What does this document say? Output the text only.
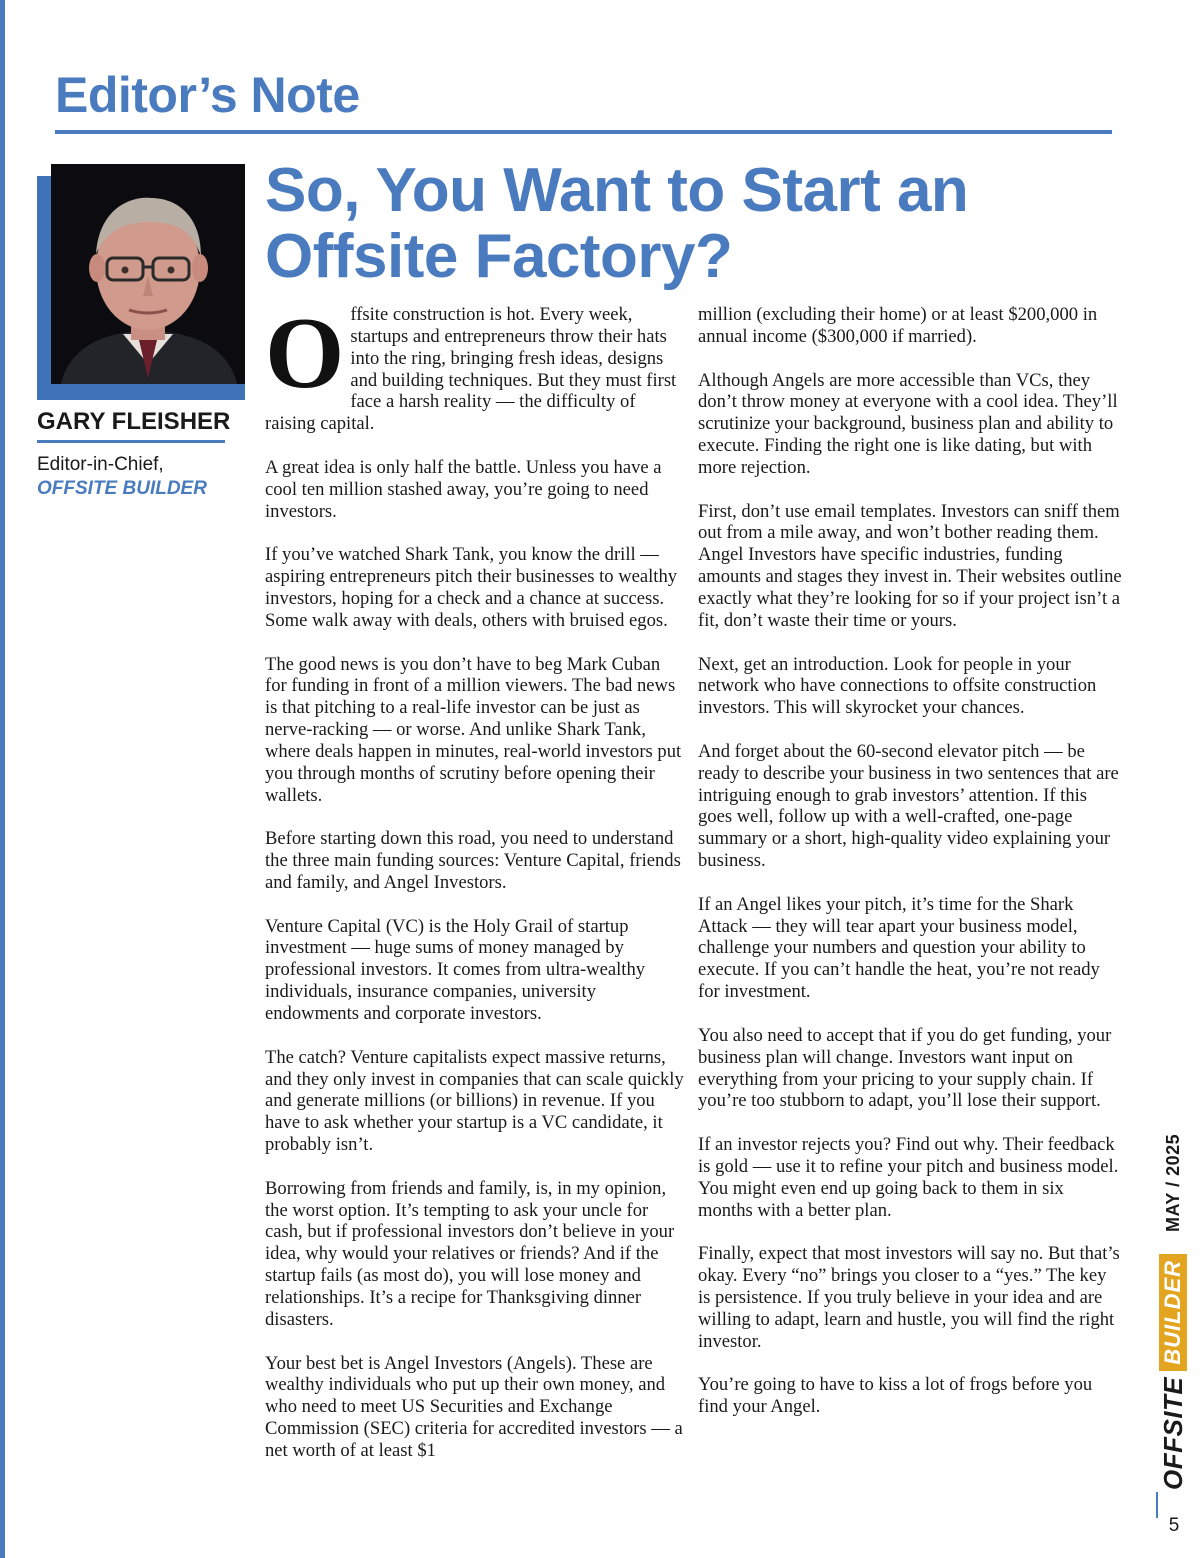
Editor’s Note

GARY FLEISHER

Editor-in-Chief,

OFFSITE BUILDER

So, You Want to Start an Offsite Factory?

Offsite construction is hot. Every week, startups and entrepreneurs throw their hats into the ring, bringing fresh ideas, designs and building techniques. But they must first face a harsh reality — the difficulty of raising capital.

A great idea is only half the battle. Unless you have a cool ten million stashed away, you’re going to need investors.

If you’ve watched Shark Tank, you know the drill — aspiring entrepreneurs pitch their businesses to wealthy investors, hoping for a check and a chance at success. Some walk away with deals, others with bruised egos.

The good news is you don’t have to beg Mark Cuban for funding in front of a million viewers. The bad news is that pitching to a real-life investor can be just as nerve-racking — or worse. And unlike Shark Tank, where deals happen in minutes, real-world investors put you through months of scrutiny before opening their wallets.

Before starting down this road, you need to understand the three main funding sources: Venture Capital, friends and family, and Angel Investors.

Venture Capital (VC) is the Holy Grail of startup investment — huge sums of money managed by professional investors. It comes from ultra-wealthy individuals, insurance companies, university endowments and corporate investors.

The catch? Venture capitalists expect massive returns, and they only invest in companies that can scale quickly and generate millions (or billions) in revenue. If you have to ask whether your startup is a VC candidate, it probably isn’t.

Borrowing from friends and family, is, in my opinion, the worst option. It’s tempting to ask your uncle for cash, but if professional investors don’t believe in your idea, why would your relatives or friends? And if the startup fails (as most do), you will lose money and relationships. It’s a recipe for Thanksgiving dinner disasters.

Your best bet is Angel Investors (Angels). These are wealthy individuals who put up their own money, and who need to meet US Securities and Exchange Commission (SEC) criteria for accredited investors — a net worth of at least $1

million (excluding their home) or at least $200,000 in annual income ($300,000 if married).

Although Angels are more accessible than VCs, they don’t throw money at everyone with a cool idea. They’ll scrutinize your background, business plan and ability to execute. Finding the right one is like dating, but with more rejection.

First, don’t use email templates. Investors can sniff them out from a mile away, and won’t bother reading them. Angel Investors have specific industries, funding amounts and stages they invest in. Their websites outline exactly what they’re looking for so if your project isn’t a fit, don’t waste their time or yours.

Next, get an introduction. Look for people in your network who have connections to offsite construction investors. This will skyrocket your chances.

And forget about the 60-second elevator pitch — be ready to describe your business in two sentences that are intriguing enough to grab investors’ attention. If this goes well, follow up with a well-crafted, one-page summary or a short, high-quality video explaining your business.

If an Angel likes your pitch, it’s time for the Shark Attack — they will tear apart your business model, challenge your numbers and question your ability to execute. If you can’t handle the heat, you’re not ready for investment.

You also need to accept that if you do get funding, your business plan will change. Investors want input on everything from your pricing to your supply chain. If you’re too stubborn to adapt, you’ll lose their support.

If an investor rejects you? Find out why. Their feedback is gold — use it to refine your pitch and business model. You might even end up going back to them in six months with a better plan.

Finally, expect that most investors will say no. But that’s okay. Every “no” brings you closer to a “yes.” The key is persistence. If you truly believe in your idea and are willing to adapt, learn and hustle, you will find the right investor.

You’re going to have to kiss a lot of frogs before you find your Angel.	OFFSITE
BUILDER
MAY / 2025

5
